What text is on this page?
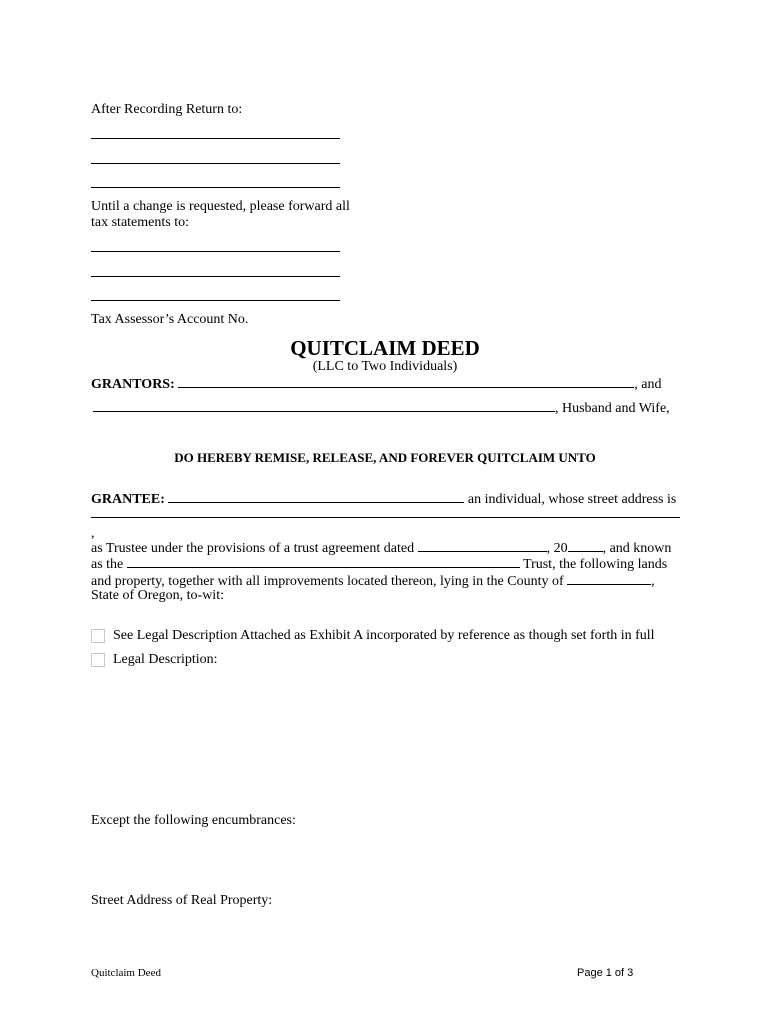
After Recording Return to:
Until a change is requested, please forward all
tax statements to:
Tax Assessor’s Account No.
QUITCLAIM DEED
(LLC to Two Individuals)
GRANTORS:	, and
, Husband and Wife,
DO HEREBY REMISE, RELEASE, AND FOREVER QUITCLAIM UNTO
GRANTEE:	an individual, whose street address is
,
as Trustee under the provisions of a trust agreement dated	, 20	, and known
as the	Trust, the following lands
and property, together with all improvements located thereon, lying in the County of	,
State of Oregon, to-wit:
See Legal Description Attached as Exhibit A incorporated by reference as though set forth in full
Legal Description:
Except the following encumbrances:
Street Address of Real Property:
Quitclaim Deed	Page 1 of 3
